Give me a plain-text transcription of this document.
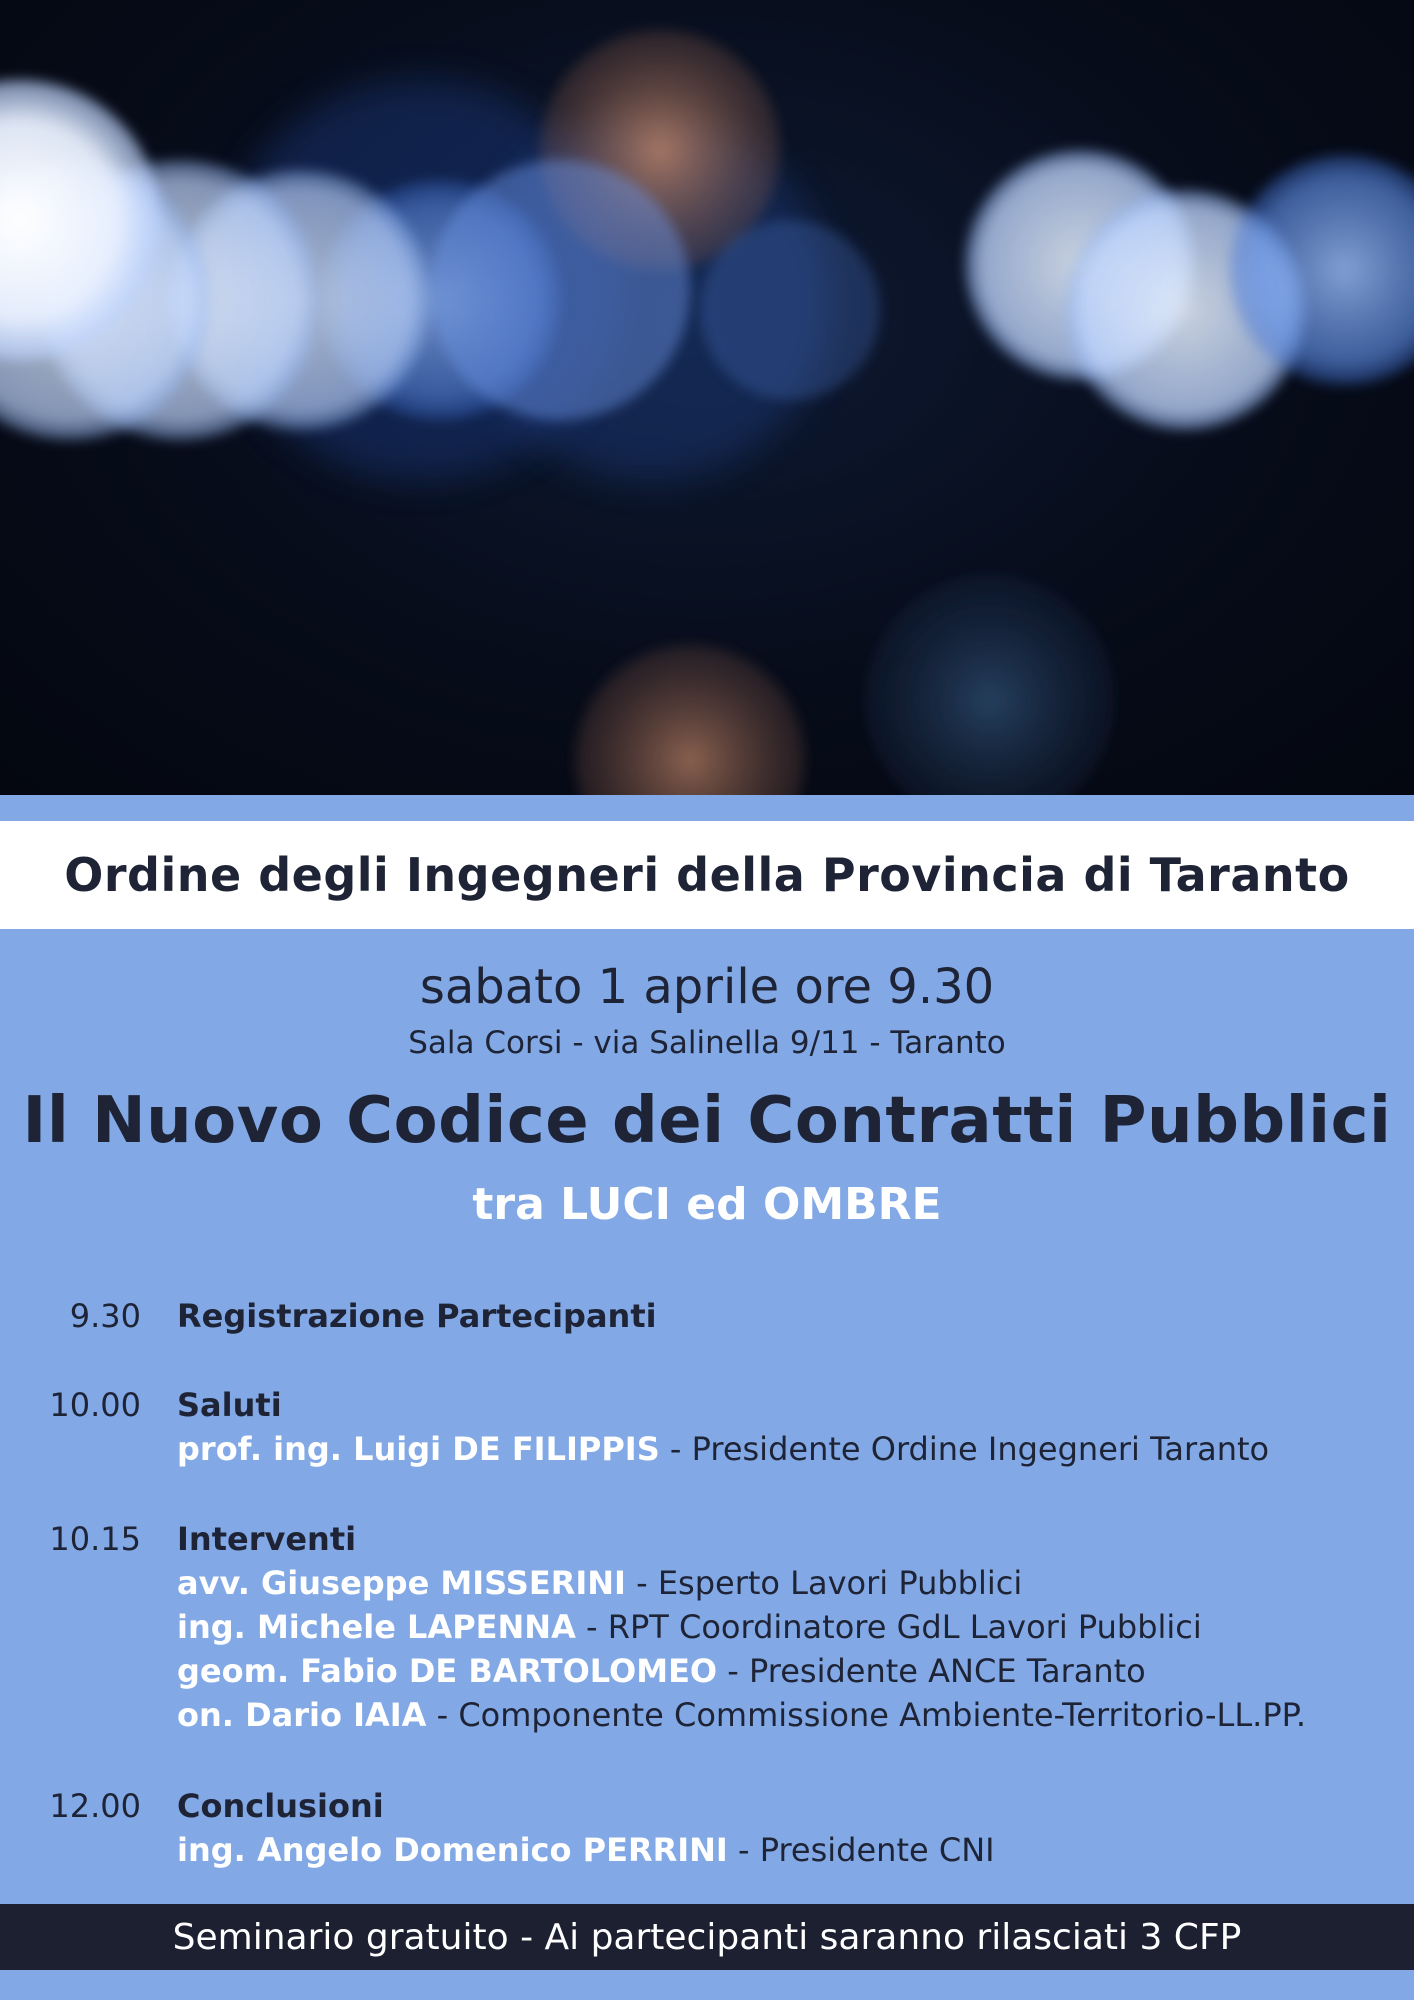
Ordine degli Ingegneri della Provincia di Taranto
sabato 1 aprile ore 9.30
Sala Corsi - via Salinella 9/11 - Taranto
Il Nuovo Codice dei Contratti Pubblici
tra LUCI ed OMBRE
9.30 Registrazione Partecipanti
10.00 Saluti
prof. ing. Luigi DE FILIPPIS - Presidente Ordine Ingegneri Taranto
10.15 Interventi
avv. Giuseppe MISSERINI - Esperto Lavori Pubblici
ing. Michele LAPENNA - RPT Coordinatore GdL Lavori Pubblici
geom. Fabio DE BARTOLOMEO - Presidente ANCE Taranto
on. Dario IAIA - Componente Commissione Ambiente-Territorio-LL.PP.
12.00 Conclusioni
ing. Angelo Domenico PERRINI - Presidente CNI
Seminario gratuito - Ai partecipanti saranno rilasciati 3 CFP
